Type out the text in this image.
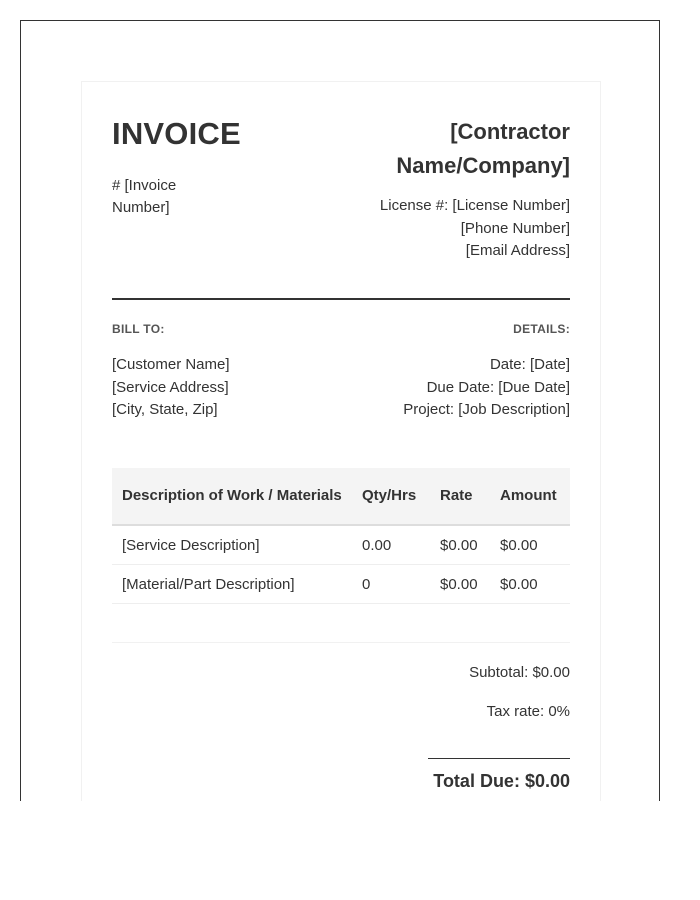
INVOICE
# [Invoice
Number]
[Contractor
Name/Company]
License #: [License Number]
[Phone Number]
[Email Address]
BILL TO:	DETAILS:
[Customer Name]
[Service Address]
[City, State, Zip]
Date: [Date]
Due Date: [Due Date]
Project: [Job Description]
Description of Work / Materials	Qty/Hrs	Rate	Amount
[Service Description]	0.00	$0.00	$0.00
[Material/Part Description]	0	$0.00	$0.00
Subtotal: $0.00
Tax rate: 0%
Total Due: $0.00
